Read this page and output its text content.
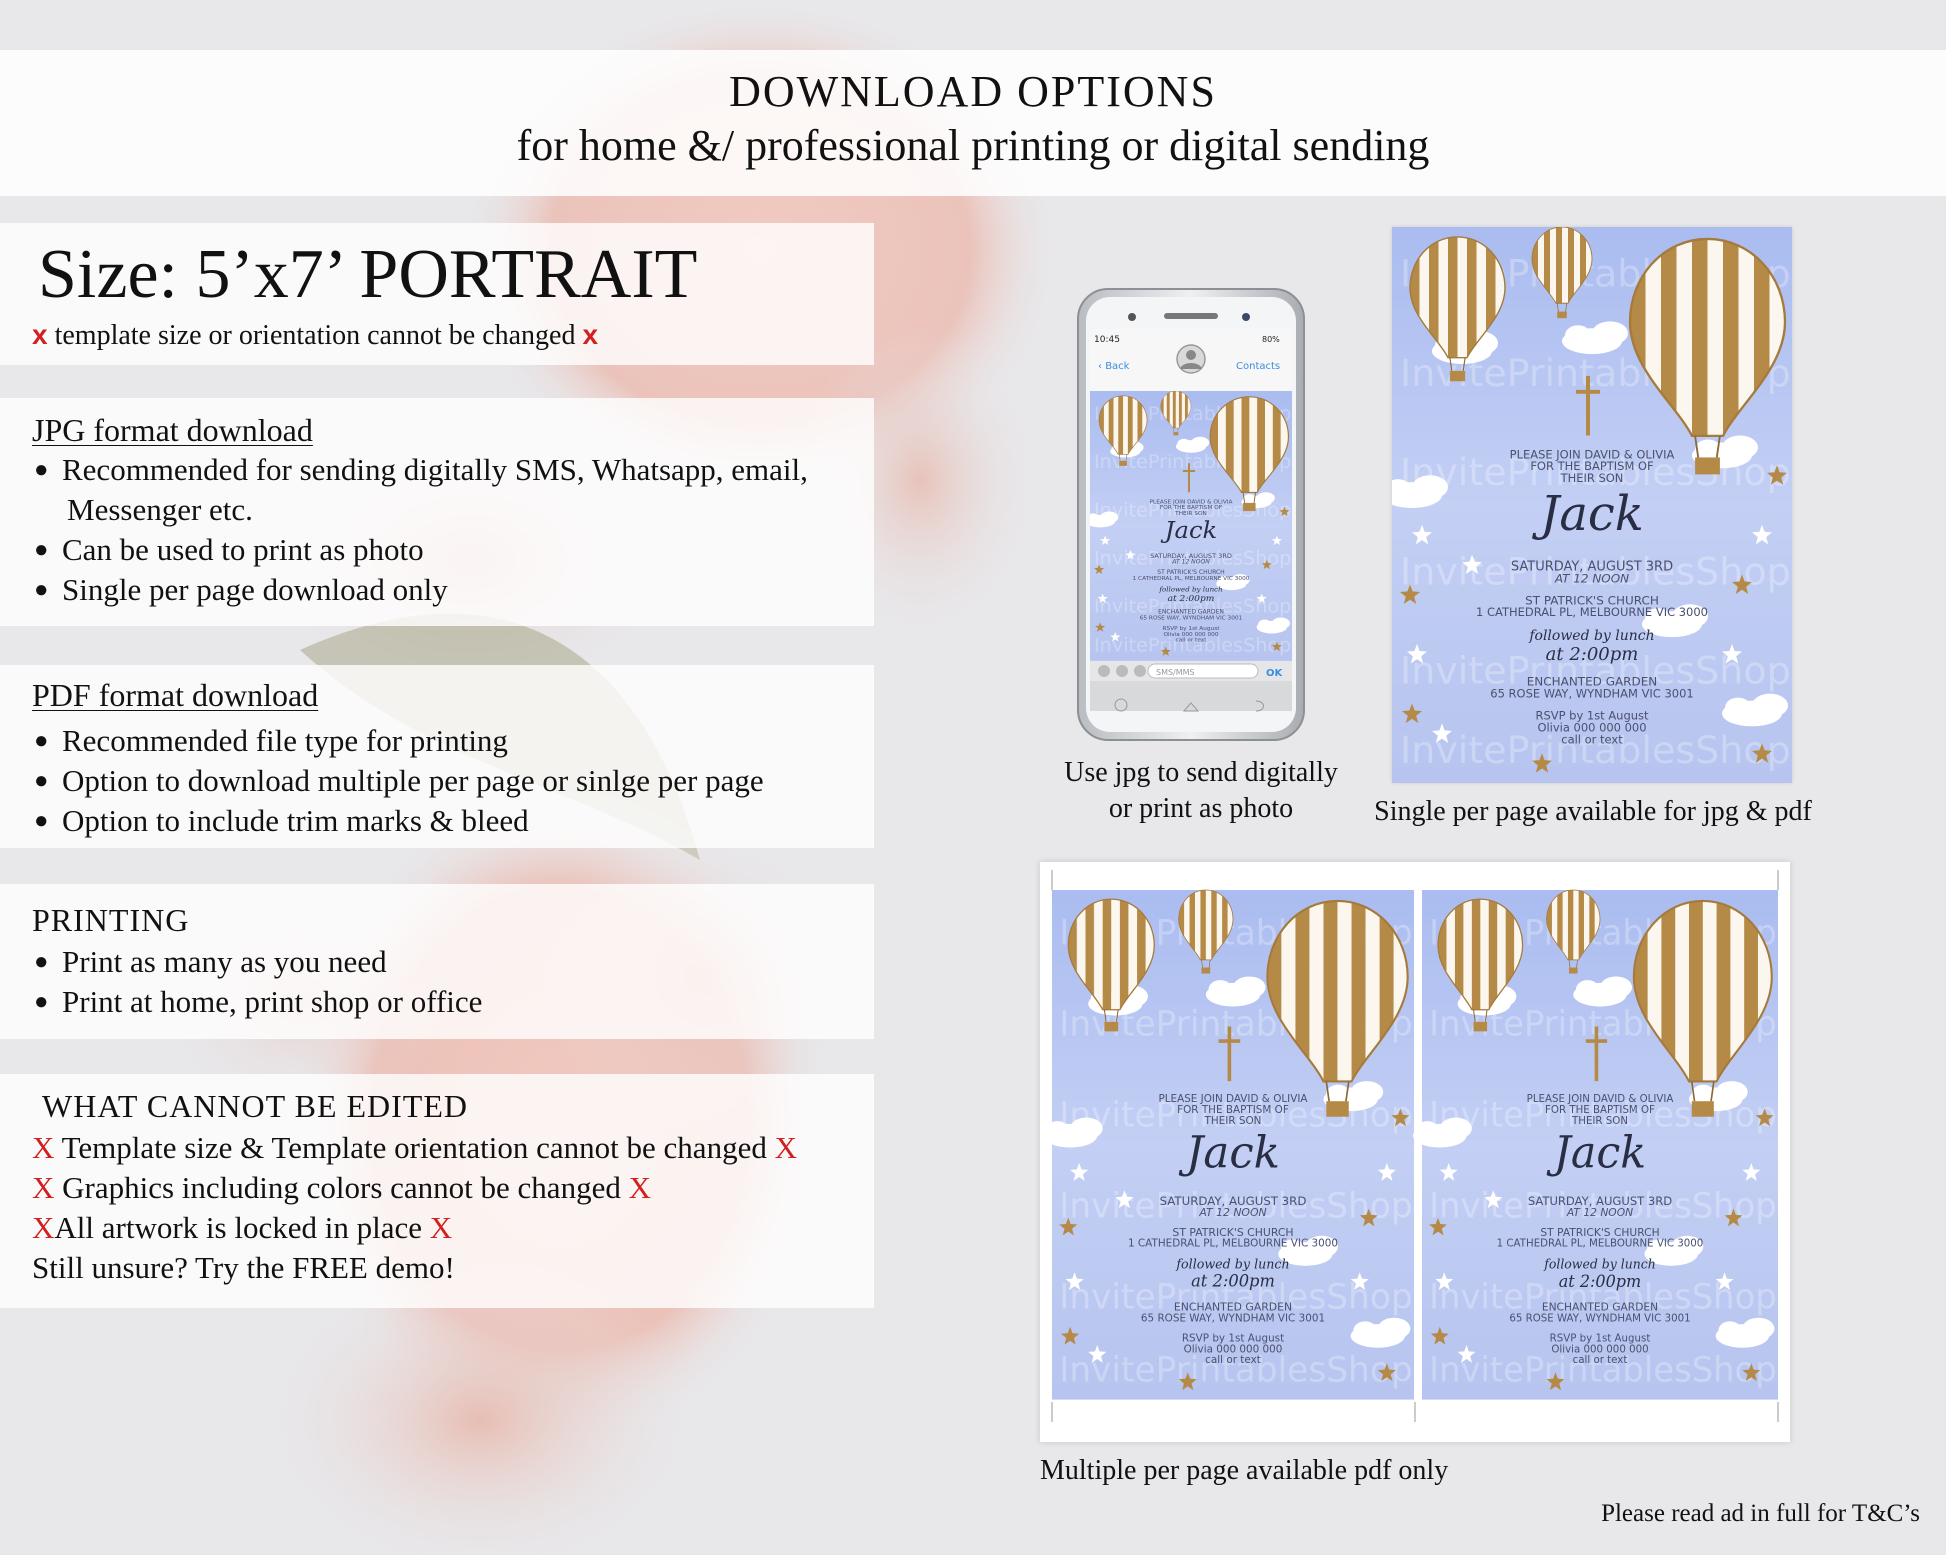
DOWNLOAD OPTIONS
for home &/ professional printing or digital sending
Size: 5’x7’ PORTRAIT
x template size or orientation cannot be changed x
JPG format download
● Recommended for sending digitally SMS, Whatsapp, email,
Messenger etc.
● Can be used to print as photo
● Single per page download only
PDF format download
● Recommended file type for printing
● Option to download multiple per page or sinlge per page
● Option to include trim marks & bleed
PRINTING
● Print as many as you need
● Print at home, print shop or office
WHAT CANNOT BE EDITED
X Template size & Template orientation cannot be changed X
X Graphics including colors cannot be changed X
XAll artwork is locked in place X
Still unsure? Try the FREE demo!
10:45	80%
‹ Back	Contacts
SMS/MMS	OK
Use jpg to send digitally
or print as photo	Single per page available for jpg & pdf
Multiple per page available pdf only
Please read ad in full for T&C’s
